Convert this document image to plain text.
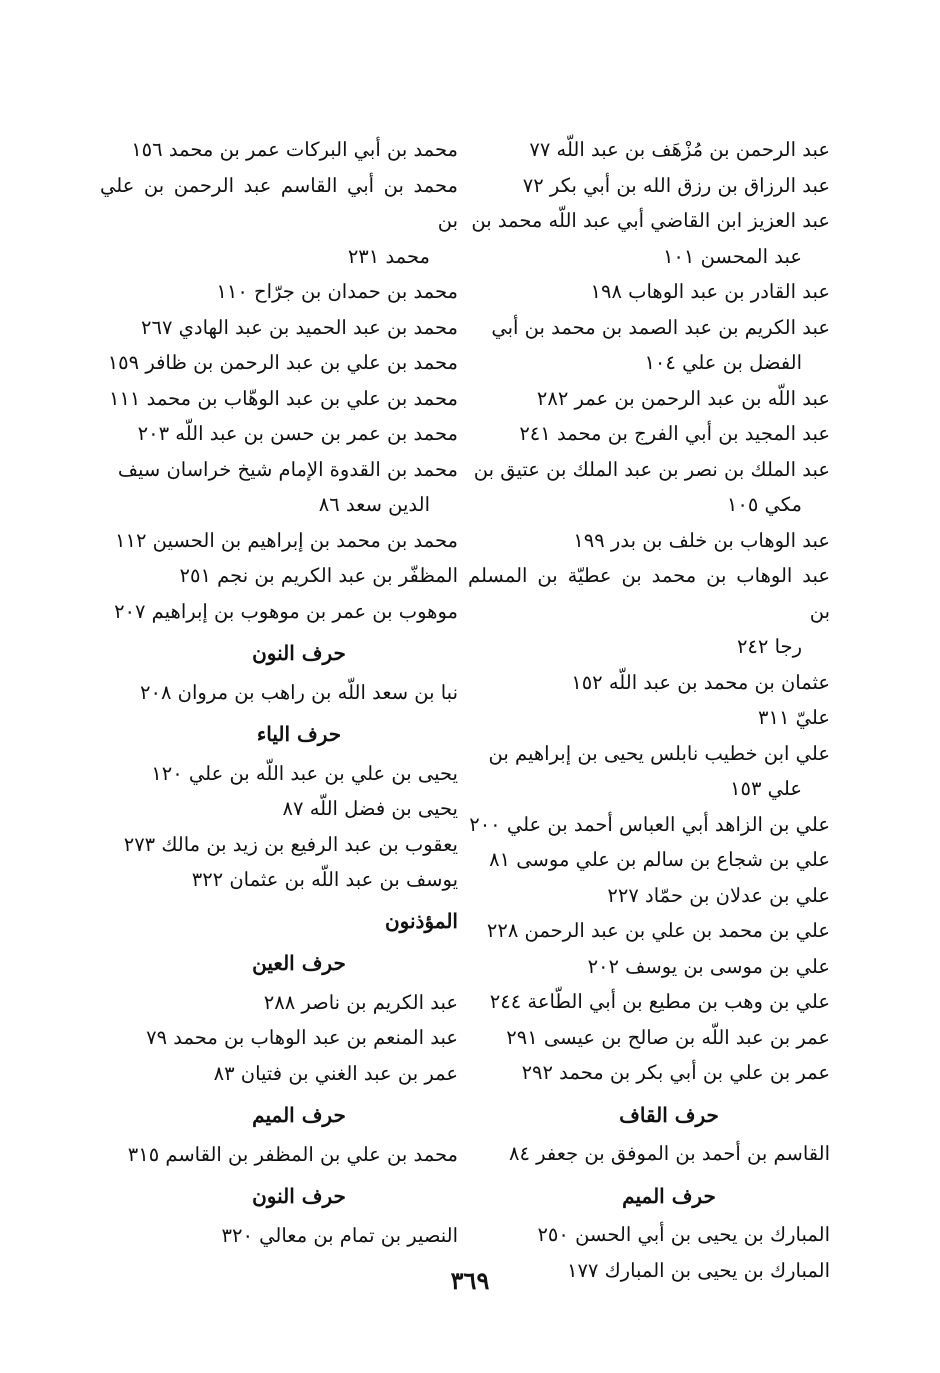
عبد الرحمن بن مُزْهَف بن عبد اللّه ٧٧
عبد الرزاق بن رزق الله بن أبي بكر ٧٢
عبد العزيز ابن القاضي أبي عبد اللّه محمد بن
عبد المحسن ١٠١
عبد القادر بن عبد الوهاب ١٩٨
عبد الكريم بن عبد الصمد بن محمد بن أبي
الفضل بن علي ١٠٤
عبد اللّه بن عبد الرحمن بن عمر ٢٨٢
عبد المجيد بن أبي الفرج بن محمد ٢٤١
عبد الملك بن نصر بن عبد الملك بن عتيق بن
مكي ١٠٥
عبد الوهاب بن خلف بن بدر ١٩٩
عبد الوهاب بن محمد بن عطيّة بن المسلم بن
رجا ٢٤٢
عثمان بن محمد بن عبد اللّه ١٥٢
عليّ ٣١١
علي ابن خطيب نابلس يحيى بن إبراهيم بن
علي ١٥٣
علي بن الزاهد أبي العباس أحمد بن علي ٢٠٠
علي بن شجاع بن سالم بن علي موسى ٨١
علي بن عدلان بن حمّاد ٢٢٧
علي بن محمد بن علي بن عبد الرحمن ٢٢٨
علي بن موسى بن يوسف ٢٠٢
علي بن وهب بن مطيع بن أبي الطّاعة ٢٤٤
عمر بن عبد اللّه بن صالح بن عيسى ٢٩١
عمر بن علي بن أبي بكر بن محمد ٢٩٢
حرف القاف
القاسم بن أحمد بن الموفق بن جعفر ٨٤
حرف الميم
المبارك بن يحيى بن أبي الحسن ٢٥٠
المبارك بن يحيى بن المبارك ١٧٧
محمد بن أبي البركات عمر بن محمد ١٥٦
محمد بن أبي القاسم عبد الرحمن بن علي بن
محمد ٢٣١
محمد بن حمدان بن جرّاح ١١٠
محمد بن عبد الحميد بن عبد الهادي ٢٦٧
محمد بن علي بن عبد الرحمن بن ظافر ١٥٩
محمد بن علي بن عبد الوهّاب بن محمد ١١١
محمد بن عمر بن حسن بن عبد اللّه ٢٠٣
محمد بن القدوة الإمام شيخ خراسان سيف
الدين سعد ٨٦
محمد بن محمد بن إبراهيم بن الحسين ١١٢
المظفّر بن عبد الكريم بن نجم ٢٥١
موهوب بن عمر بن موهوب بن إبراهيم ٢٠٧
حرف النون
نبا بن سعد اللّه بن راهب بن مروان ٢٠٨
حرف الياء
يحيى بن علي بن عبد اللّه بن علي ١٢٠
يحيى بن فضل اللّه ٨٧
يعقوب بن عبد الرفيع بن زيد بن مالك ٢٧٣
يوسف بن عبد اللّه بن عثمان ٣٢٢
المؤذنون
حرف العين
عبد الكريم بن ناصر ٢٨٨
عبد المنعم بن عبد الوهاب بن محمد ٧٩
عمر بن عبد الغني بن فتيان ٨٣
حرف الميم
محمد بن علي بن المظفر بن القاسم ٣١٥
حرف النون
النصير بن تمام بن معالي ٣٢٠
٣٦٩
